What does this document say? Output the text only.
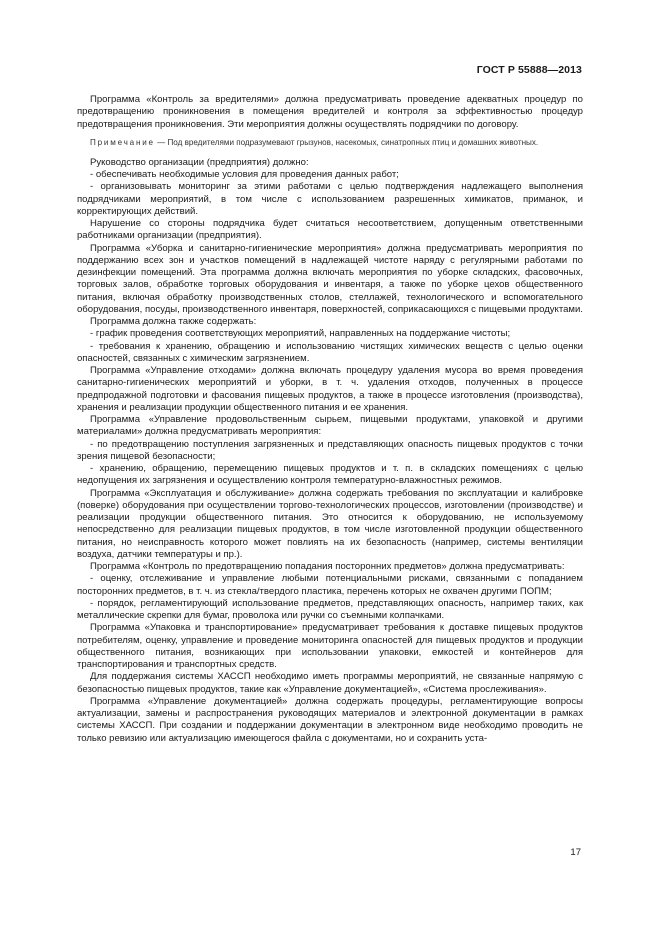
ГОСТ Р 55888—2013

Программа «Контроль за вредителями» должна предусматривать проведение адекватных процедур по предотвращению проникновения в помещения вредителей и контроля за эффективностью процедур предотвращения проникновения. Эти мероприятия должны осуществлять подрядчики по договору.

Примечание — Под вредителями подразумевают грызунов, насекомых, синатропных птиц и домашних животных.

Руководство организации (предприятия) должно:

- обеспечивать необходимые условия для проведения данных работ;

- организовывать мониторинг за этими работами с целью подтверждения надлежащего выполнения подрядчиками мероприятий, в том числе с использованием разрешенных химикатов, приманок, и корректирующих действий.

Нарушение со стороны подрядчика будет считаться несоответствием, допущенным ответственными работниками организации (предприятия).

Программа «Уборка и санитарно-гигиенические мероприятия» должна предусматривать мероприятия по поддержанию всех зон и участков помещений в надлежащей чистоте наряду с регулярными работами по дезинфекции помещений. Эта программа должна включать мероприятия по уборке складских, фасовочных, торговых залов, обработке торговых оборудования и инвентаря, а также по уборке цехов общественного питания, включая обработку производственных столов, стеллажей, технологического и вспомогательного оборудования, посуды, производственного инвентаря, поверхностей, соприкасающихся с пищевыми продуктами.

Программа должна также содержать:

- график проведения соответствующих мероприятий, направленных на поддержание чистоты;

- требования к хранению, обращению и использованию чистящих химических веществ с целью оценки опасностей, связанных с химическим загрязнением.

Программа «Управление отходами» должна включать процедуру удаления мусора во время проведения санитарно-гигиенических мероприятий и уборки, в т. ч. удаления отходов, полученных в процессе предпродажной подготовки и фасования пищевых продуктов, а также в процессе изготовления (производства), хранения и реализации продукции общественного питания и ее хранения.

Программа «Управление продовольственным сырьем, пищевыми продуктами, упаковкой и другими материалами» должна предусматривать мероприятия:

- по предотвращению поступления загрязненных и представляющих опасность пищевых продуктов с точки зрения пищевой безопасности;

- хранению, обращению, перемещению пищевых продуктов и т. п. в складских помещениях с целью недопущения их загрязнения и осуществлению контроля температурно-влажностных режимов.

Программа «Эксплуатация и обслуживание» должна содержать требования по эксплуатации и калибровке (поверке) оборудования при осуществлении торгово-технологических процессов, изготовлении (производстве) и реализации продукции общественного питания. Это относится к оборудованию, не используемому непосредственно для реализации пищевых продуктов, в том числе изготовленной продукции общественного питания, но неисправность которого может повлиять на их безопасность (например, системы вентиляции воздуха, датчики температуры и пр.).

Программа «Контроль по предотвращению попадания посторонних предметов» должна предусматривать:

- оценку, отслеживание и управление любыми потенциальными рисками, связанными с попаданием посторонних предметов, в т. ч. из стекла/твердого пластика, перечень которых не охвачен другими ПОПМ;

- порядок, регламентирующий использование предметов, представляющих опасность, например таких, как металлические скрепки для бумаг, проволока или ручки со съемными колпачками.

Программа «Упаковка и транспортирование» предусматривает требования к доставке пищевых продуктов потребителям, оценку, управление и проведение мониторинга опасностей для пищевых продуктов и продукции общественного питания, возникающих при использовании упаковки, емкостей и контейнеров для транспортирования и транспортных средств.

Для поддержания системы ХАССП необходимо иметь программы мероприятий, не связанные напрямую с безопасностью пищевых продуктов, такие как «Управление документацией», «Система прослеживания».

Программа «Управление документацией» должна содержать процедуры, регламентирующие вопросы актуализации, замены и распространения руководящих материалов и электронной документации в рамках системы ХАССП. При создании и поддержании документации в электронном виде необходимо проводить не только ревизию или актуализацию имеющегося файла с документами, но и сохранить уста-

17
